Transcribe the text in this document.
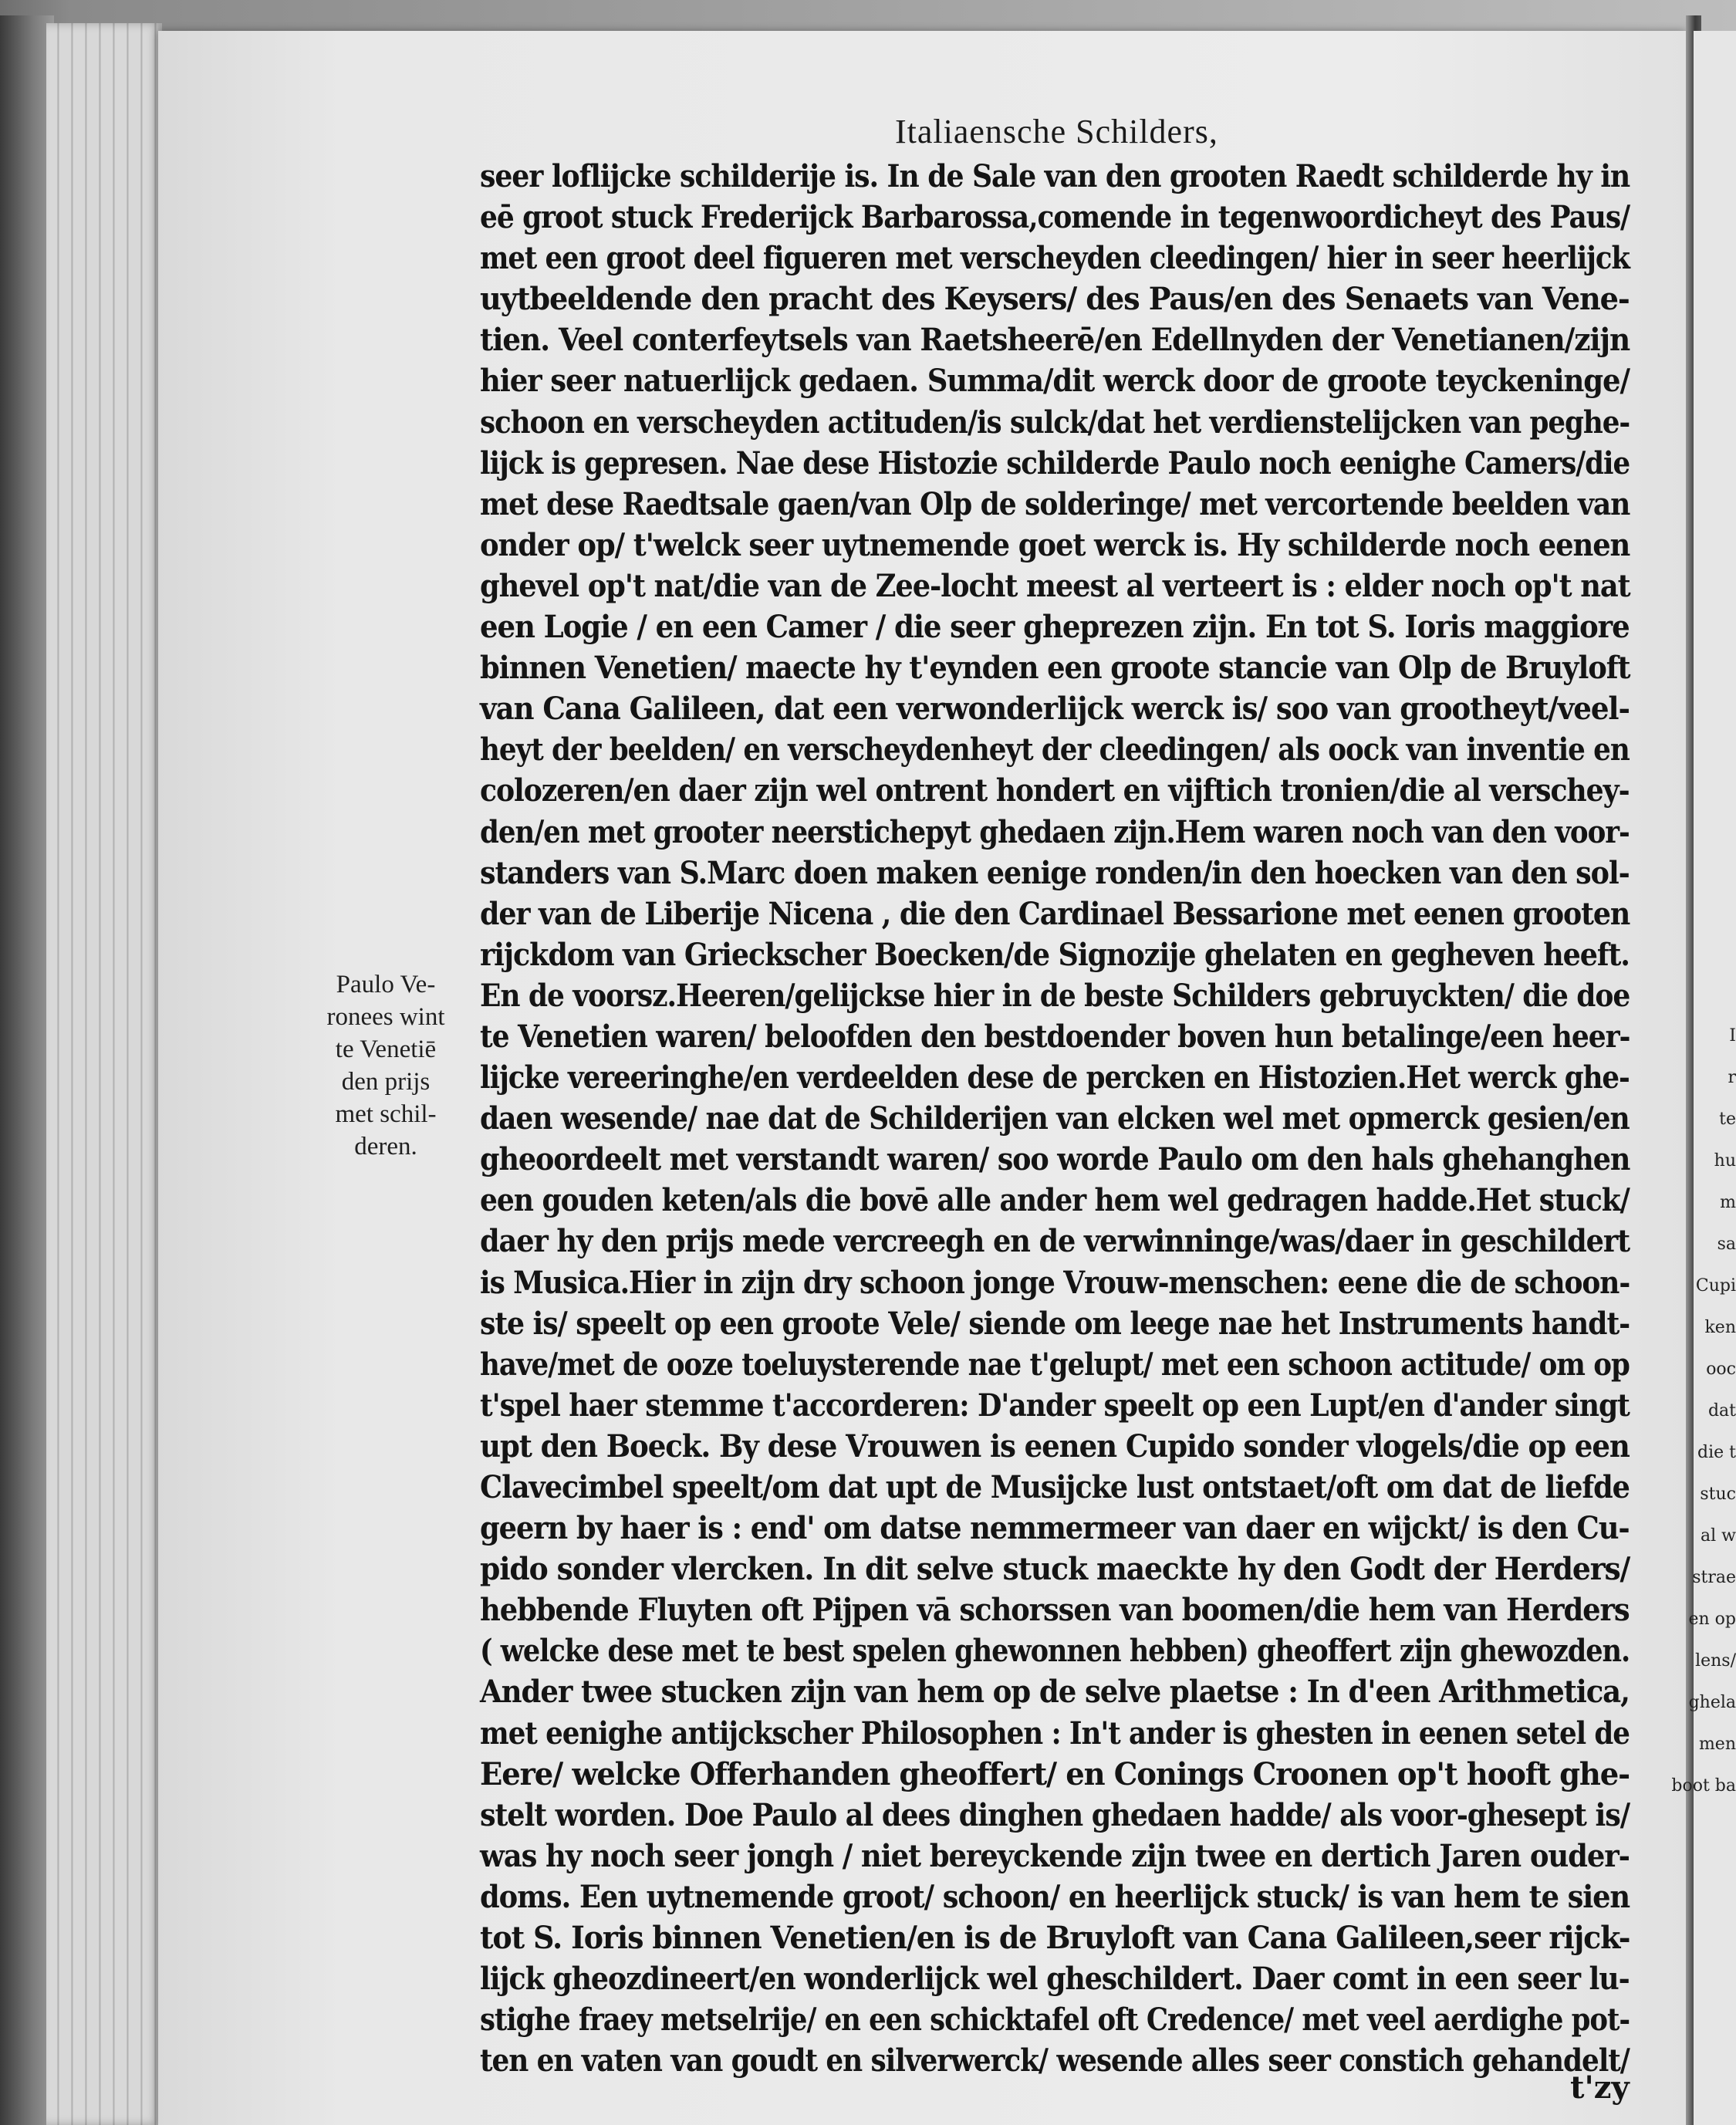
Italiaensche Schilders,
seer loflijcke schilderije is. In de Sale van den grooten Raedt schilderde hy in
eē groot stuck Frederijck Barbarossa,comende in tegenwoordicheyt des Paus/
met een groot deel figueren met verscheyden cleedingen/ hier in seer heerlijck
uytbeeldende den pracht des Keysers/ des Paus/en des Senaets van Vene-
tien. Veel conterfeytsels van Raetsheerē/en Edellnyden der Venetianen/zijn
hier seer natuerlijck gedaen. Summa/dit werck door de groote teyckeninge/
schoon en verscheyden actituden/is sulck/dat het verdienstelijcken van peghe-
lijck is gepresen. Nae dese Histozie schilderde Paulo noch eenighe Camers/die
met dese Raedtsale gaen/van Olp de solderinge/ met vercortende beelden van
onder op/ t'welck seer uytnemende goet werck is. Hy schilderde noch eenen
ghevel op't nat/die van de Zee-locht meest al verteert is : elder noch op't nat
een Logie / en een Camer / die seer gheprezen zijn. En tot S. Ioris maggiore
binnen Venetien/ maecte hy t'eynden een groote stancie van Olp de Bruyloft
van Cana Galileen, dat een verwonderlijck werck is/ soo van grootheyt/veel-
heyt der beelden/ en verscheydenheyt der cleedingen/ als oock van inventie en
colozeren/en daer zijn wel ontrent hondert en vijftich tronien/die al verschey-
den/en met grooter neerstichepyt ghedaen zijn.Hem waren noch van den voor-
standers van S.Marc doen maken eenige ronden/in den hoecken van den sol-
der van de Liberije Nicena , die den Cardinael Bessarione met eenen grooten
rijckdom van Grieckscher Boecken/de Signozije ghelaten en gegheven heeft.
En de voorsz.Heeren/gelijckse hier in de beste Schilders gebruyckten/ die doe
te Venetien waren/ beloofden den bestdoender boven hun betalinge/een heer-
lijcke vereeringhe/en verdeelden dese de percken en Histozien.Het werck ghe-
daen wesende/ nae dat de Schilderijen van elcken wel met opmerck gesien/en
gheoordeelt met verstandt waren/ soo worde Paulo om den hals ghehanghen
een gouden keten/als die bovē alle ander hem wel gedragen hadde.Het stuck/
daer hy den prijs mede vercreegh en de verwinninge/was/daer in geschildert
is Musica.Hier in zijn dry schoon jonge Vrouw-menschen: eene die de schoon-
ste is/ speelt op een groote Vele/ siende om leege nae het Instruments handt-
have/met de ooze toeluysterende nae t'gelupt/ met een schoon actitude/ om op
t'spel haer stemme t'accorderen: D'ander speelt op een Lupt/en d'ander singt
upt den Boeck. By dese Vrouwen is eenen Cupido sonder vlogels/die op een
Clavecimbel speelt/om dat upt de Musijcke lust ontstaet/oft om dat de liefde
geern by haer is : end' om datse nemmermeer van daer en wijckt/ is den Cu-
pido sonder vlercken. In dit selve stuck maeckte hy den Godt der Herders/
hebbende Fluyten oft Pijpen vā schorssen van boomen/die hem van Herders
( welcke dese met te best spelen ghewonnen hebben) gheoffert zijn ghewozden.
Ander twee stucken zijn van hem op de selve plaetse : In d'een Arithmetica,
met eenighe antijckscher Philosophen : In't ander is ghesten in eenen setel de
Eere/ welcke Offerhanden gheoffert/ en Conings Croonen op't hooft ghe-
stelt worden. Doe Paulo al dees dinghen ghedaen hadde/ als voor-ghesept is/
was hy noch seer jongh / niet bereyckende zijn twee en dertich Jaren ouder-
doms. Een uytnemende groot/ schoon/ en heerlijck stuck/ is van hem te sien
tot S. Ioris binnen Venetien/en is de Bruyloft van Cana Galileen,seer rijck-
lijck gheozdineert/en wonderlijck wel gheschildert. Daer comt in een seer lu-
stighe fraey metselrije/ en een schicktafel oft Credence/ met veel aerdighe pot-
ten en vaten van goudt en silverwerck/ wesende alles seer constich gehandelt/
Paulo Ve-
ronees wint
te Venetiē
den prijs
met schil-
deren.
t'zy
I
r
te
hu
m
sa
Cupi
ken
ooc
dat
die t
stuc
al w
strae
en op
lens/
ghela
men
boot ba
